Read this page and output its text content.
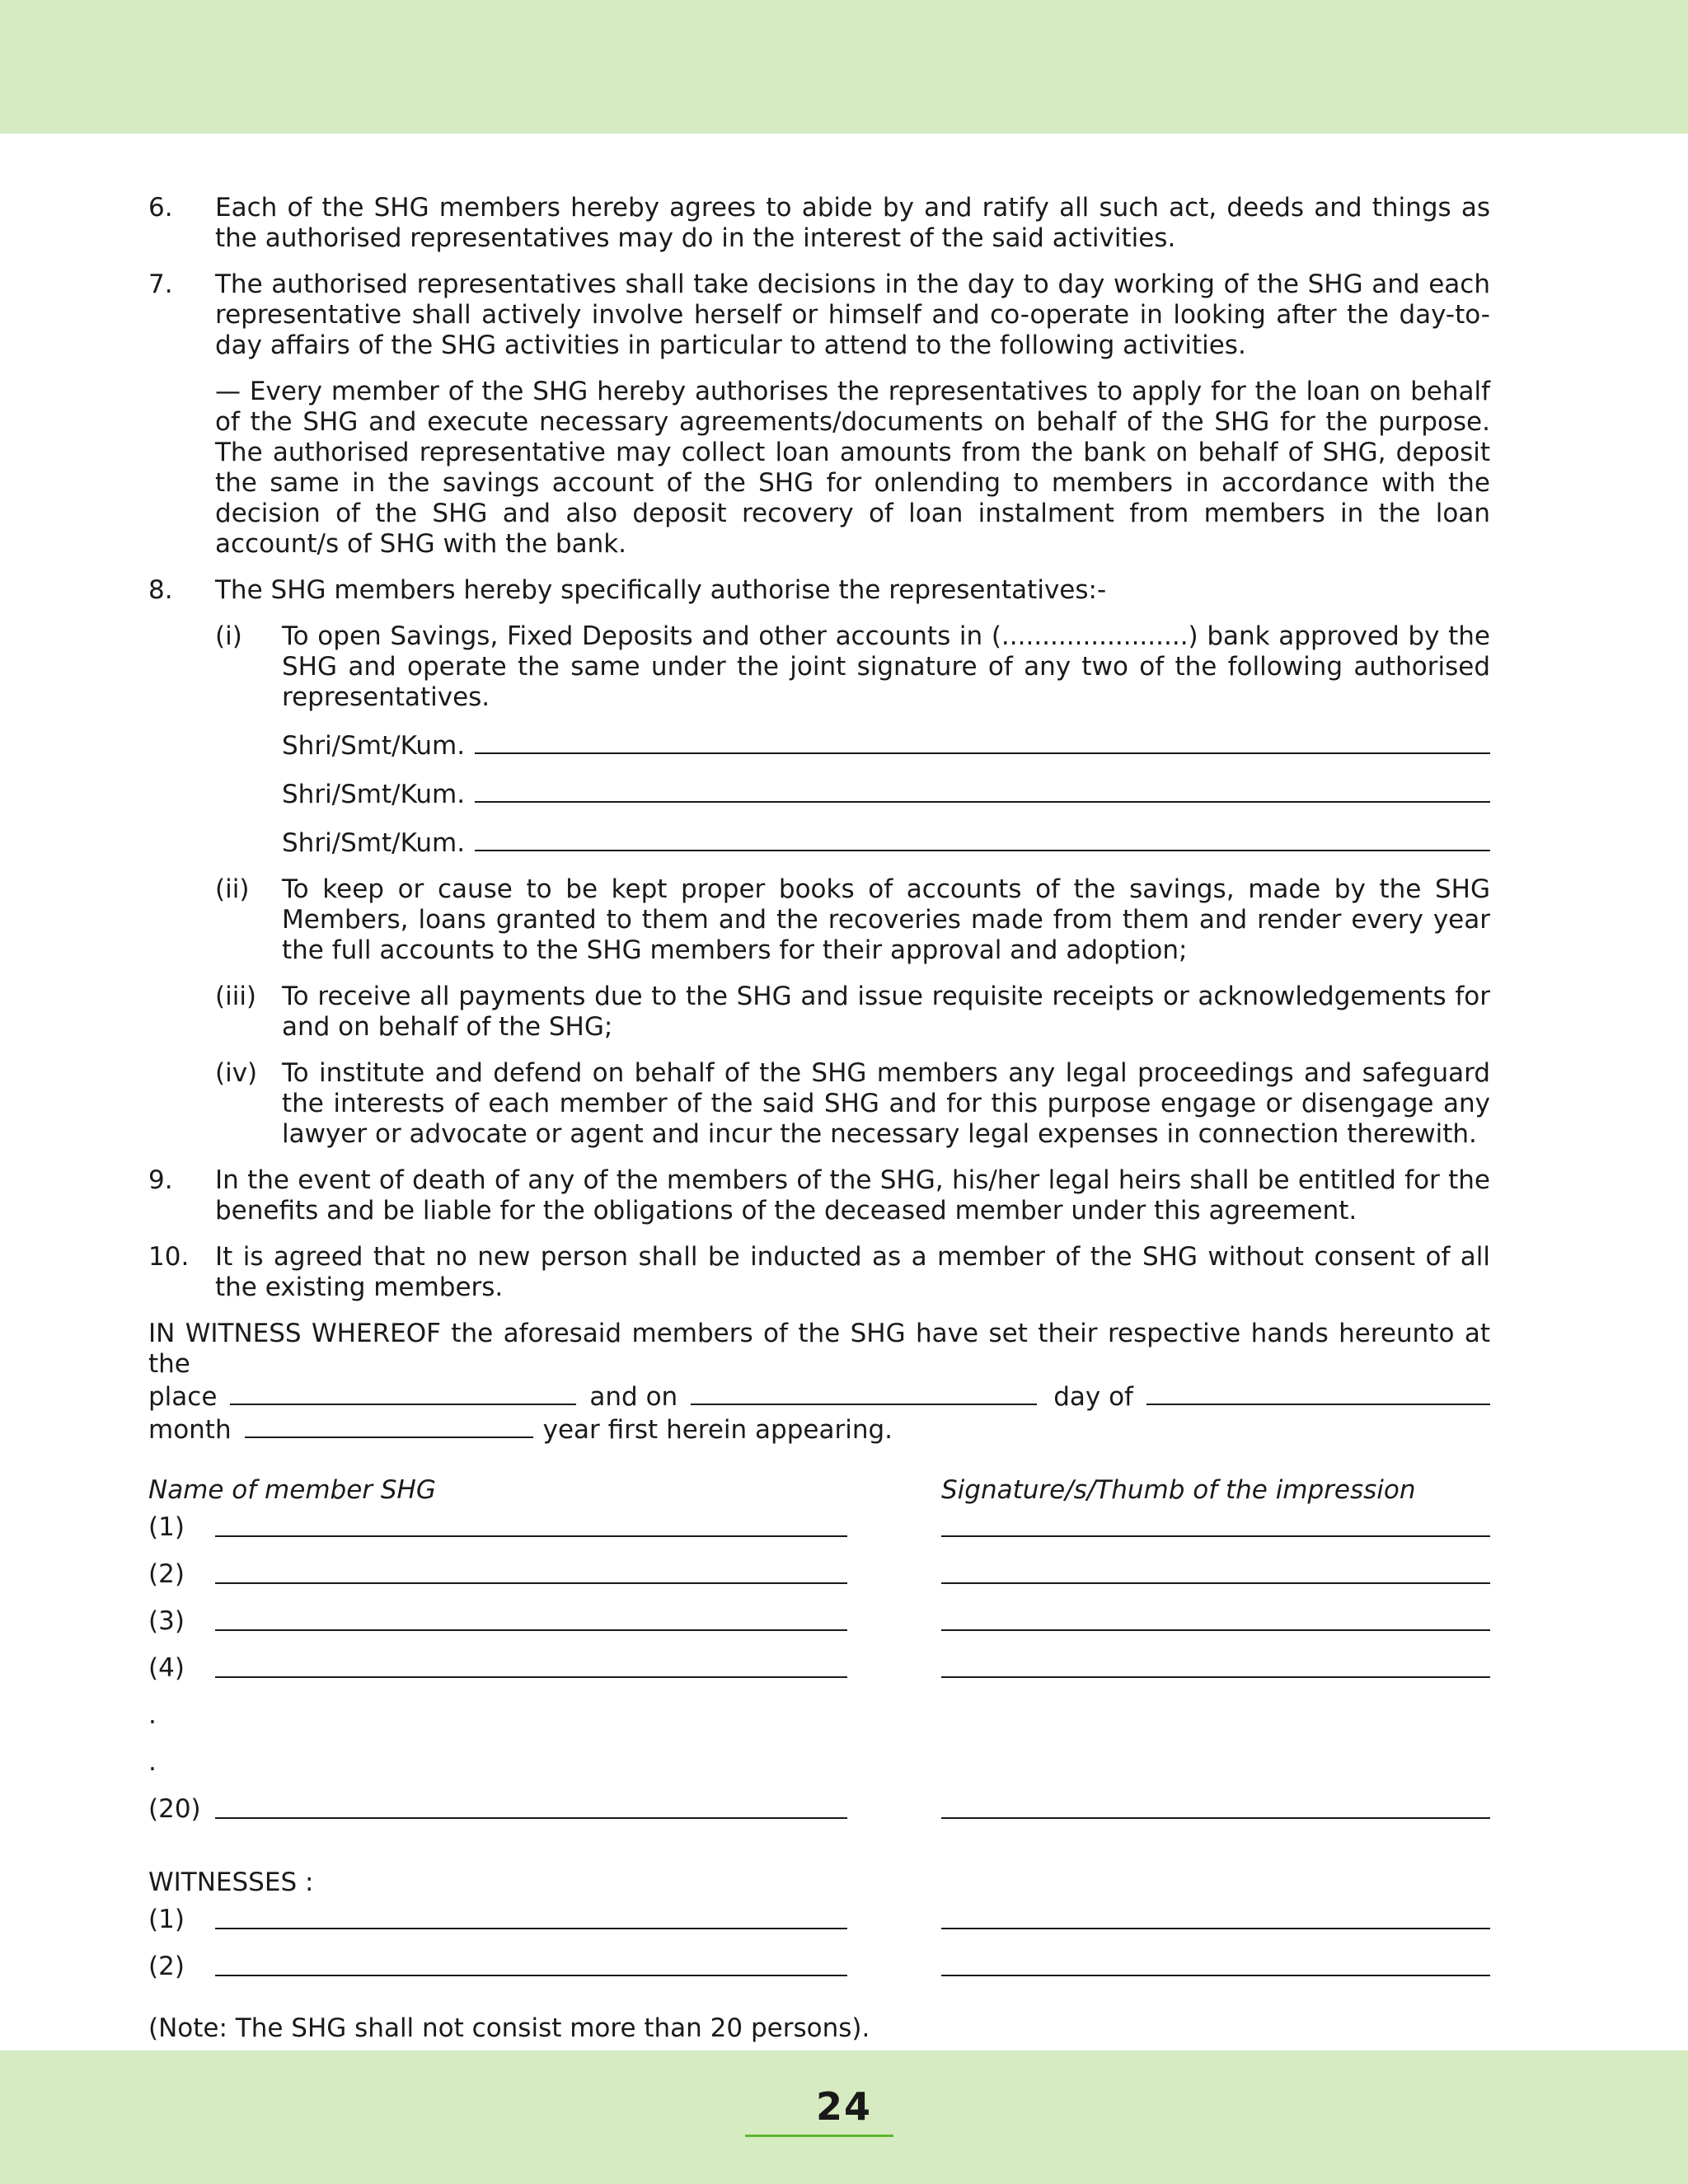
6. Each of the SHG members hereby agrees to abide by and ratify all such act, deeds and things as the authorised representatives may do in the interest of the said activities.
7. The authorised representatives shall take decisions in the day to day working of the SHG and each representative shall actively involve herself or himself and co-operate in looking after the day-to-day affairs of the SHG activities in particular to attend to the following activities.
— Every member of the SHG hereby authorises the representatives to apply for the loan on behalf of the SHG and execute necessary agreements/documents on behalf of the SHG for the purpose. The authorised representative may collect loan amounts from the bank on behalf of SHG, deposit the same in the savings account of the SHG for onlending to members in accordance with the decision of the SHG and also deposit recovery of loan instalment from members in the loan account/s of SHG with the bank.
8. The SHG members hereby specifically authorise the representatives:-
(i) To open Savings, Fixed Deposits and other accounts in (.......................) bank approved by the SHG and operate the same under the joint signature of any two of the following authorised representatives.
Shri/Smt/Kum.
Shri/Smt/Kum.
Shri/Smt/Kum.
(ii) To keep or cause to be kept proper books of accounts of the savings, made by the SHG Members, loans granted to them and the recoveries made from them and render every year the full accounts to the SHG members for their approval and adoption;
(iii) To receive all payments due to the SHG and issue requisite receipts or acknowledgements for and on behalf of the SHG;
(iv) To institute and defend on behalf of the SHG members any legal proceedings and safeguard the interests of each member of the said SHG and for this purpose engage or disengage any lawyer or advocate or agent and incur the necessary legal expenses in connection therewith.
9. In the event of death of any of the members of the SHG, his/her legal heirs shall be entitled for the benefits and be liable for the obligations of the deceased member under this agreement.
10. It is agreed that no new person shall be inducted as a member of the SHG without consent of all the existing members.
IN WITNESS WHEREOF the aforesaid members of the SHG have set their respective hands hereunto at the
place	and on	day of
month	year first herein appearing.
Name of member SHG	Signature/s/Thumb of the impression
(1)
(2)
(3)
(4)
.
.
(20)
WITNESSES :
(1)
(2)
(Note: The SHG shall not consist more than 20 persons).
24
